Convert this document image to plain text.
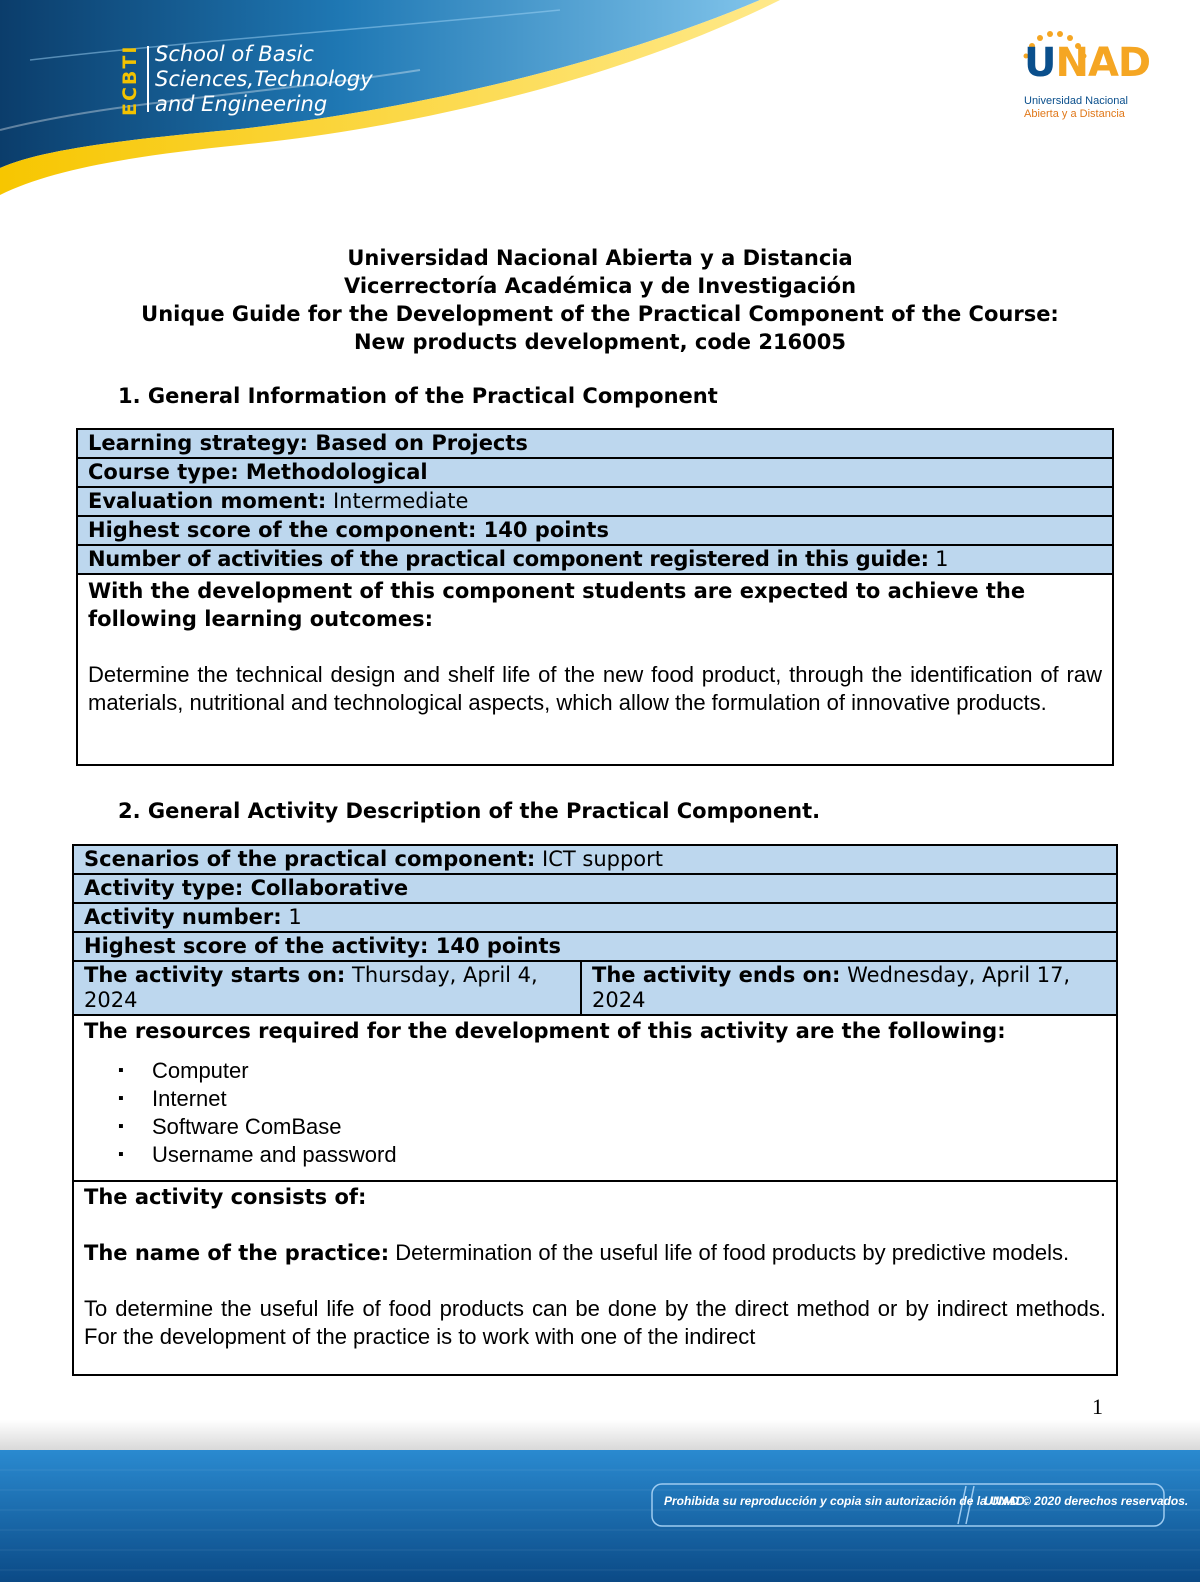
ECBTI School of Basic
Sciences,Technology
and Engineering
UNAD
Universidad Nacional
Abierta y a Distancia
Universidad Nacional Abierta y a Distancia
Vicerrectoría Académica y de Investigación
Unique Guide for the Development of the Practical Component of the Course:
New products development, code 216005
1. General Information of the Practical Component
Learning strategy: Based on Projects
Course type: Methodological
Evaluation moment: Intermediate
Highest score of the component: 140 points
Number of activities of the practical component registered in this guide: 1

With the development of this component students are expected to achieve the following learning outcomes:
Determine the technical design and shelf life of the new food product, through the identification of raw materials, nutritional and technological aspects, which allow the formulation of innovative products.
2. General Activity Description of the Practical Component.
Scenarios of the practical component: ICT support
Activity type: Collaborative
Activity number: 1
Highest score of the activity: 140 points
The activity starts on: Thursday, April 4, 2024	The activity ends on: Wednesday, April 17, 2024

The resources required for the development of this activity are the following:
▪ Computer
▪ Internet
▪ Software ComBase
▪ Username and password

The activity consists of:
The name of the practice: Determination of the useful life of food products by predictive models.
To determine the useful life of food products can be done by the direct method or by indirect methods. For the development of the practice is to work with one of the indirect
1
Prohibida su reproducción y copia sin autorización de la UNAD.
UNAD © 2020 derechos reservados.
